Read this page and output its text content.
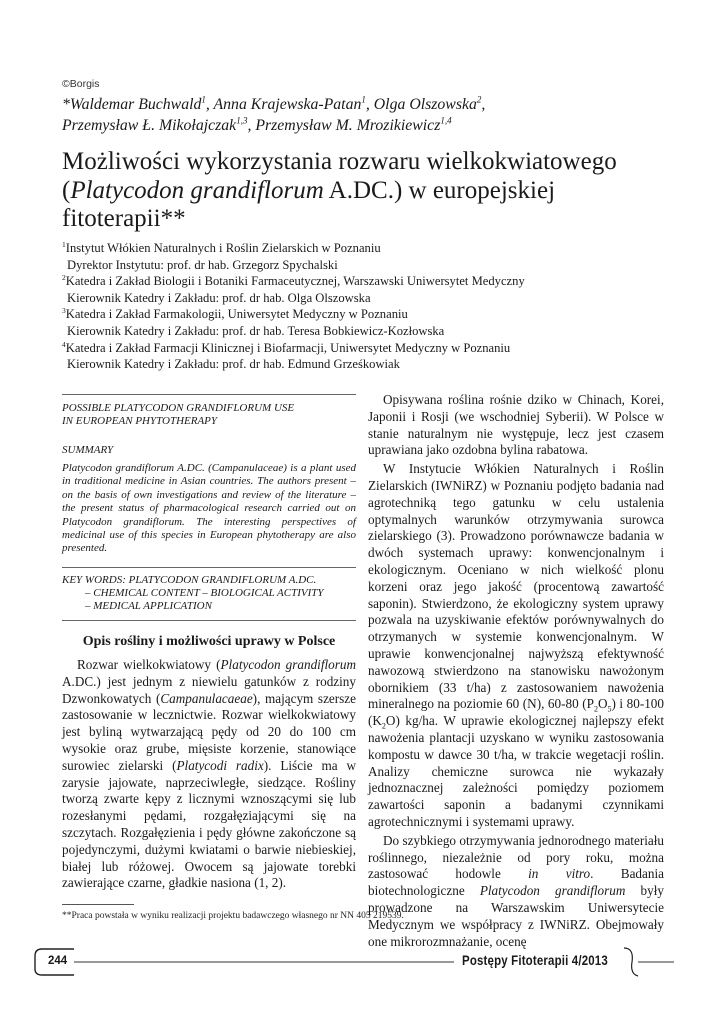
©Borgis
*Waldemar Buchwald$^1$, Anna Krajewska-Patan$^1$, Olga Olszowska$^2$,
Przemysław Ł. Mikołajczak$^{1,3}$, Przemysław M. Mrozikiewicz$^{1,4}$
Możliwości wykorzystania rozwaru wielkokwiatowego
(Platycodon grandiflorum A.DC.) w europejskiej
fitoterapii**
$^1$Instytut Włókien Naturalnych i Roślin Zielarskich w Poznaniu
Dyrektor Instytutu: prof. dr hab. Grzegorz Spychalski
$^2$Katedra i Zakład Biologii i Botaniki Farmaceutycznej, Warszawski Uniwersytet Medyczny
Kierownik Katedry i Zakładu: prof. dr hab. Olga Olszowska
$^3$Katedra i Zakład Farmakologii, Uniwersytet Medyczny w Poznaniu
Kierownik Katedry i Zakładu: prof. dr hab. Teresa Bobkiewicz-Kozłowska
$^4$Katedra i Zakład Farmacji Klinicznej i Biofarmacji, Uniwersytet Medyczny w Poznaniu
Kierownik Katedry i Zakładu: prof. dr hab. Edmund Grześkowiak
POSSIBLE PLATYCODON GRANDIFLORUM USE
IN EUROPEAN PHYTOTHERAPY
SUMMARY
Platycodon grandiflorum A.DC. (Campanulaceae) is a plant used in traditional medicine in Asian countries. The authors present – on the basis of own investigations and review of the literature – the present status of pharmacological research carried out on Platycodon grandiflorum. The interesting perspectives of medicinal use of this species in European phytotherapy are also presented.
KEY WORDS: PLATYCODON GRANDIFLORUM A.DC.
– CHEMICAL CONTENT – BIOLOGICAL ACTIVITY
– MEDICAL APPLICATION
Opis rośliny i możliwości uprawy w Polsce

Rozwar wielkokwiatowy (Platycodon grandiflorum A.DC.) jest jednym z niewielu gatunków z rodziny Dzwonkowatych (Campanulacaeae), mającym szersze zastosowanie w lecznictwie. Rozwar wielkokwiatowy jest byliną wytwarzającą pędy od 20 do 100 cm wysokie oraz grube, mięsiste korzenie, stanowiące surowiec zielarski (Platycodi radix). Liście ma w zarysie jajowate, naprzeciwległe, siedzące. Rośliny tworzą zwarte kępy z licznymi wznoszącymi się lub rozesłanymi pędami, rozgałęziającymi się na szczytach. Rozgałęzienia i pędy główne zakończone są pojedynczymi, dużymi kwiatami o barwie niebieskiej, białej lub różowej. Owocem są jajowate torebki zawierające czarne, gładkie nasiona (1, 2).

Opisywana roślina rośnie dziko w Chinach, Korei, Japonii i Rosji (we wschodniej Syberii). W Polsce w stanie naturalnym nie występuje, lecz jest czasem uprawiana jako ozdobna bylina rabatowa.

W Instytucie Włókien Naturalnych i Roślin Zielarskich (IWNiRZ) w Poznaniu podjęto badania nad agrotechniką tego gatunku w celu ustalenia optymalnych warunków otrzymywania surowca zielarskiego (3). Prowadzono porównawcze badania w dwóch systemach uprawy: konwencjonalnym i ekologicznym. Oceniano w nich wielkość plonu korzeni oraz jego jakość (procentową zawartość saponin). Stwierdzono, że ekologiczny system uprawy pozwala na uzyskiwanie efektów porównywalnych do otrzymanych w systemie konwencjonalnym. W uprawie konwencjonalnej najwyższą efektywność nawozową stwierdzono na stanowisku nawożonym obornikiem (33 t/ha) z zastosowaniem nawożenia mineralnego na poziomie 60 (N), 60-80 $(P_2O_5)$ i 80-100 $(K_2O)$ kg/ha. W uprawie ekologicznej najlepszy efekt nawożenia plantacji uzyskano w wyniku zastosowania kompostu w dawce 30 t/ha, w trakcie wegetacji roślin. Analizy chemiczne surowca nie wykazały jednoznacznej zależności pomiędzy poziomem zawartości saponin a badanymi czynnikami agrotechnicznymi i systemami uprawy.

Do szybkiego otrzymywania jednorodnego materiału roślinnego, niezależnie od pory roku, można zastosować hodowle in vitro. Badania biotechnologiczne Platycodon grandiflorum były prowadzone na Warszawskim Uniwersytecie Medycznym we współpracy z IWNiRZ. Obejmowały one mikrorozmnażanie, ocenę

**Praca powstała w wyniku realizacji projektu badawczego własnego nr NN 405 219539.
244	Postępy Fitoterapii 4/2013
